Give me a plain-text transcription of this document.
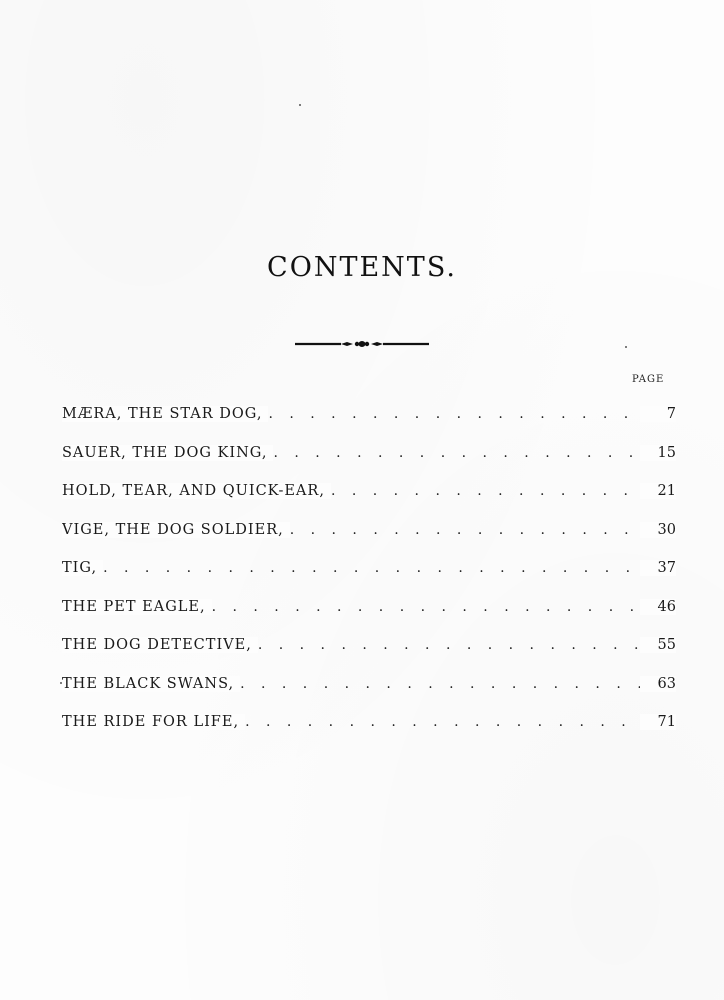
CONTENTS.
PAGE
MÆRA, THE STAR DOG, . . .	7
SAUER, THE DOG KING, . . .	15
HOLD, TEAR, AND QUICK-EAR, . . .	21
VIGE, THE DOG SOLDIER, . . .	30
TIG, . . .	37
THE PET EAGLE, . . .	46
THE DOG DETECTIVE, . . .	55
THE BLACK SWANS, . . .	63
THE RIDE FOR LIFE, . . .	71
